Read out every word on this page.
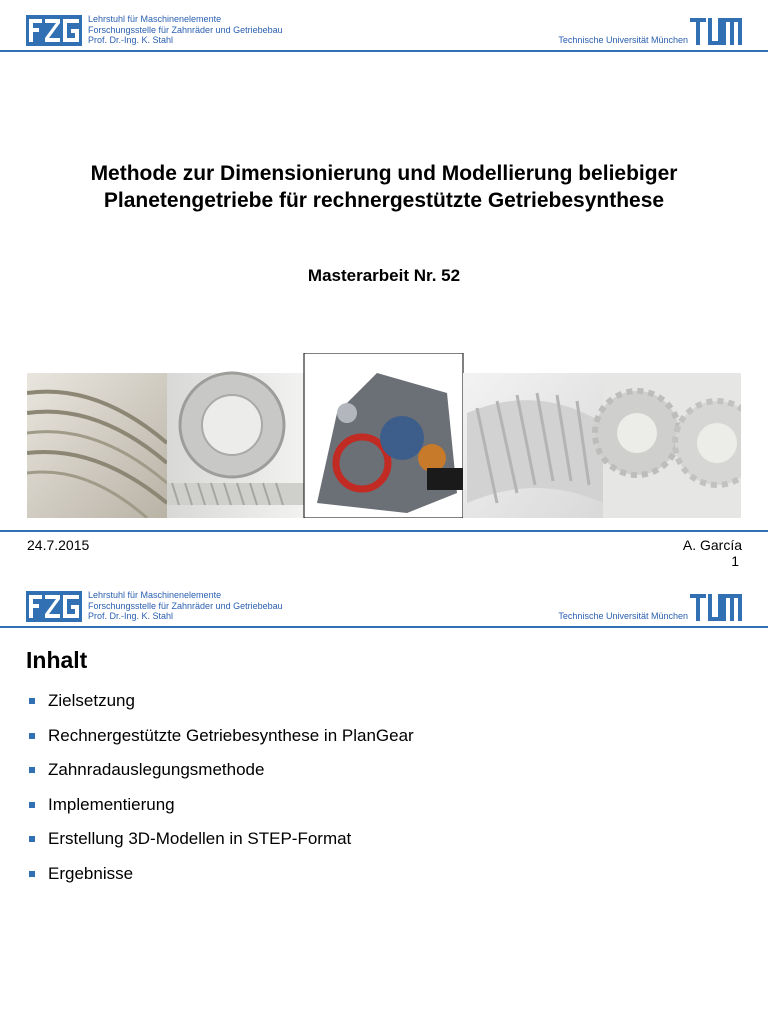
Lehrstuhl für Maschinenelemente
Forschungsstelle für Zahnräder und Getriebebau
Prof. Dr.-Ing. K. Stahl	Technische Universität München
Methode zur Dimensionierung und Modellierung beliebiger Planetengetriebe für rechnergestützte Getriebesynthese
Masterarbeit Nr. 52
24.7.2015	A. García
1
Lehrstuhl für Maschinenelemente
Forschungsstelle für Zahnräder und Getriebebau
Prof. Dr.-Ing. K. Stahl	Technische Universität München
Inhalt
Zielsetzung
Rechnergestützte Getriebesynthese in PlanGear
Zahnradauslegungsmethode
Implementierung
Erstellung 3D-Modellen in STEP-Format
Ergebnisse
